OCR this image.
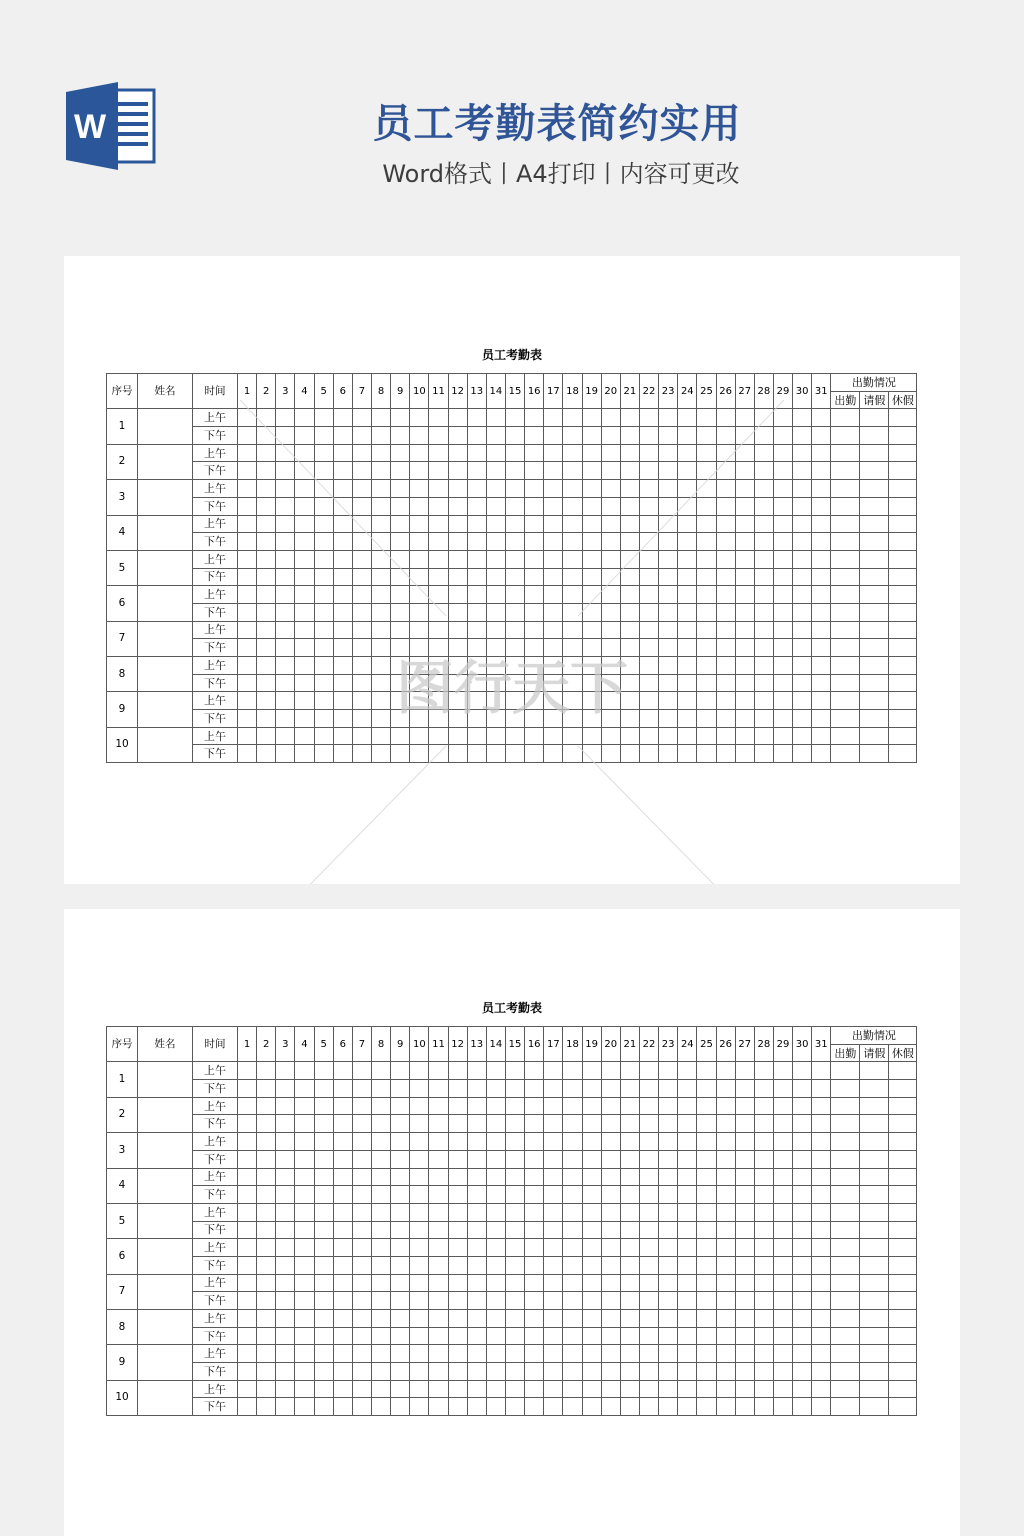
W	员工考勤表简约实用
Word格式丨A4打印丨内容可更改
员工考勤表
序号	姓名	时间	1	2	3	4	5	6	7	8	9	10	11	12	13	14	15	16	17	18	19	20	21	22	23	24	25	26	27	28	29	30	31	出勤情况		
																																		出勤	请假	休假
1		上午																																		
		下午																																		
2		上午																																		
		下午																																		
3		上午																																		
		下午																																		
4		上午																																		
		下午																																		
5		上午																																		
		下午																																		
6		上午																																		
		下午																																		
7		上午																																		
		下午																																		
8		上午																																		
		下午																																		
9		上午																																		
		下午																																		
10		上午																																		
		下午																																		
图行天下
员工考勤表
序号	姓名	时间	1	2	3	4	5	6	7	8	9	10	11	12	13	14	15	16	17	18	19	20	21	22	23	24	25	26	27	28	29	30	31	出勤情况		
																																		出勤	请假	休假
1		上午																																		
		下午																																		
2		上午																																		
		下午																																		
3		上午																																		
		下午																																		
4		上午																																		
		下午																																		
5		上午																																		
		下午																																		
6		上午																																		
		下午																																		
7		上午																																		
		下午																																		
8		上午																																		
		下午																																		
9		上午																																		
		下午																																		
10		上午																																		
		下午																																		
